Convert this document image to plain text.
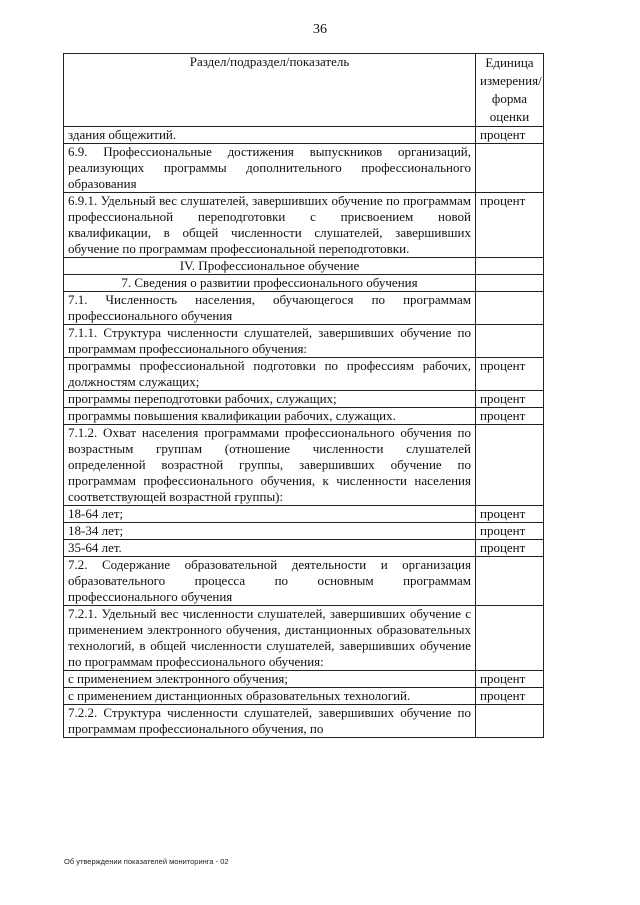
36
Раздел/подраздел/показатель	Единица измерения/ форма оценки
здания общежитий.	процент
6.9. Профессиональные достижения выпускников организаций, реализующих программы дополнительного профессионального образования	
6.9.1. Удельный вес слушателей, завершивших обучение по программам профессиональной переподготовки с присвоением новой квалификации, в общей численности слушателей, завершивших обучение по программам профессиональной переподготовки.	процент
IV. Профессиональное обучение	
7. Сведения о развитии профессионального обучения	
7.1. Численность населения, обучающегося по программам профессионального обучения	
7.1.1. Структура численности слушателей, завершивших обучение по программам профессионального обучения:	
программы профессиональной подготовки по профессиям рабочих, должностям служащих;	процент
программы переподготовки рабочих, служащих;	процент
программы повышения квалификации рабочих, служащих.	процент
7.1.2. Охват населения программами профессионального обучения по возрастным группам (отношение численности слушателей определенной возрастной группы, завершивших обучение по программам профессионального обучения, к численности населения соответствующей возрастной группы):	
18-64 лет;	процент
18-34 лет;	процент
35-64 лет.	процент
7.2. Содержание образовательной деятельности и организация образовательного процесса по основным программам профессионального обучения	
7.2.1. Удельный вес численности слушателей, завершивших обучение с применением электронного обучения, дистанционных образовательных технологий, в общей численности слушателей, завершивших обучение по программам профессионального обучения:	
с применением электронного обучения;	процент
с применением дистанционных образовательных технологий.	процент
7.2.2. Структура численности слушателей, завершивших обучение по программам профессионального обучения, по	
Об утверждении показателей мониторинга - 02
